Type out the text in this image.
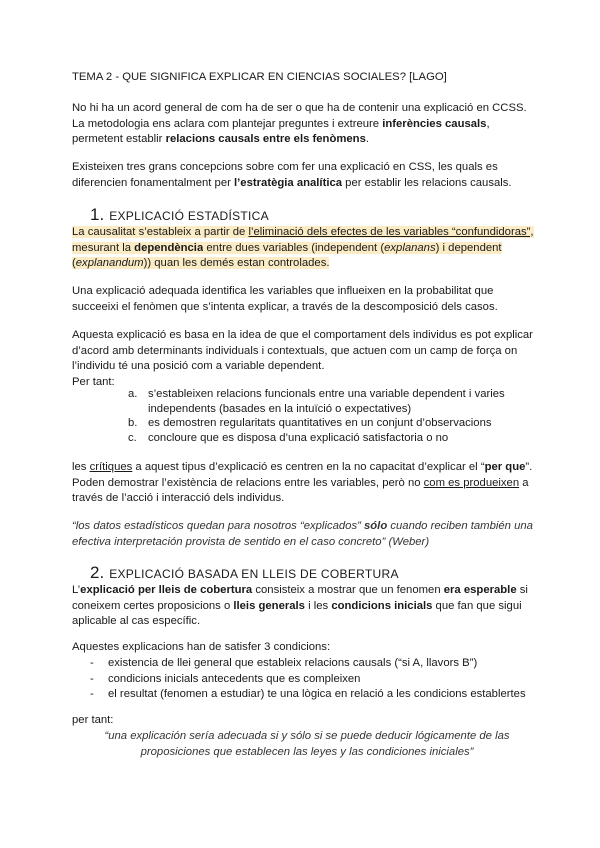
TEMA 2 - QUE SIGNIFICA EXPLICAR EN CIENCIAS SOCIALES? [LAGO]
No hi ha un acord general de com ha de ser o que ha de contenir una explicació en CCSS.
La metodologia ens aclara com plantejar preguntes i extreure inferències causals,
permetent establir relacions causals entre els fenòmens.
Existeixen tres grans concepcions sobre com fer una explicació en CSS, les quals es
diferencien fonamentalment per l’estratègia analítica per establir les relacions causals.
1. EXPLICACIÓ ESTADÍSTICA
La causalitat s’estableix a partir de l’eliminació dels efectes de les variables “confundidoras”,
mesurant la dependència entre dues variables (independent (explanans) i dependent
(explanandum)) quan les demés estan controlades.
Una explicació adequada identifica les variables que influeixen en la probabilitat que
succeeixi el fenòmen que s’intenta explicar, a través de la descomposició dels casos.
Aquesta explicació es basa en la idea de que el comportament dels individus es pot explicar
d’acord amb determinants individuals i contextuals, que actuen com un camp de força on
l’individu té una posició com a variable dependent.
Per tant:
a. s’estableixen relacions funcionals entre una variable dependent i varies
independents (basades en la intuïció o expectatives)
b. es demostren regularitats quantitatives en un conjunt d’observacions
c. concloure que es disposa d’una explicació satisfactoria o no
les crítiques a aquest tipus d’explicació es centren en la no capacitat d’explicar el “per que”.
Poden demostrar l’existència de relacions entre les variables, però no com es produeixen a
través de l’acció i interacció dels individus.
“los datos estadísticos quedan para nosotros “explicados” sólo cuando reciben también una
efectiva interpretación provista de sentido en el caso concreto” (Weber)
2. EXPLICACIÓ BASADA EN LLEIS DE COBERTURA
L’explicació per lleis de cobertura consisteix a mostrar que un fenomen era esperable si
coneixem certes proposicions o lleis generals i les condicions inicials que fan que sigui
aplicable al cas específic.
Aquestes explicacions han de satisfer 3 condicions:
- existencia de llei general que estableix relacions causals (“si A, llavors B”)
- condicions inicials antecedents que es compleixen
- el resultat (fenomen a estudiar) te una lògica en relació a les condicions establertes
per tant:
“una explicación sería adecuada si y sólo si se puede deducir lógicamente de las
proposiciones que establecen las leyes y las condiciones iniciales”
